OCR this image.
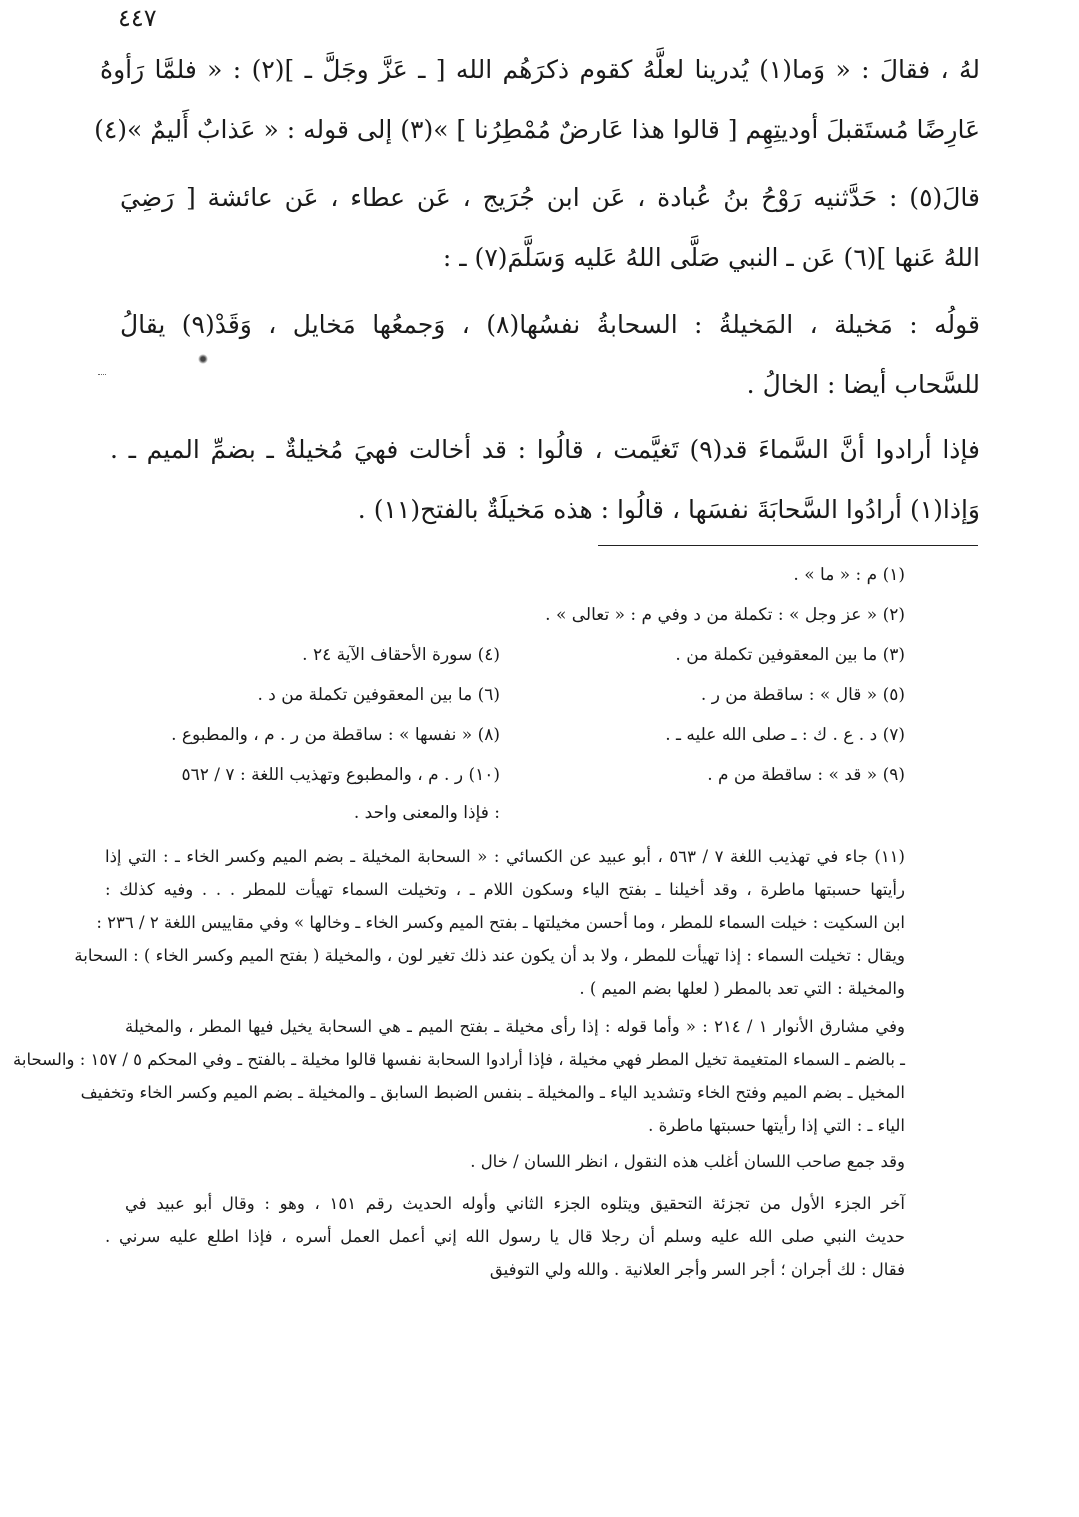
٤٤٧
لهُ ، فقالَ : « وَما(١) يُدرينا لعلَّهُ كقوم ذكرَهُم الله [ ـ عَزَّ وجَلَّ ـ ](٢) : « فلمَّا رَأوهُ
عَارِضًا مُستَقبلَ أوديتِهِم [ قالوا هذا عَارضٌ مُمْطِرُنا ] »(٣) إلى قوله : « عَذابٌ أَليمٌ »(٤)
قالَ(٥) : حَدَّثنيه رَوْحُ بنُ عُبادة ، عَن ابن جُرَيج ، عَن عطاء ، عَن عائشة [ رَضِيَ
اللهُ عَنها ](٦) عَن ـ النبي صَلَّى اللهُ عَليه وَسَلَّمَ(٧) ـ :
قولُه : مَخيلة ، المَخيلةُ : السحابةُ نفسُها(٨) ، وَجمعُها مَخايل ، وَقَدْ(٩) يقالُ
للسَّحاب أيضا : الخالُ .
فإذا أرادوا أنَّ السَّماءَ قد(٩) تَغيَّمت ، قالُوا : قد أخالت فهيَ مُخيلةٌ ـ بضمِّ الميم ـ .
وَإذا(١) أرادُوا السَّحابَةَ نفسَها ، قالُوا : هذه مَخيلَةٌ بالفتح(١١) .
(١) م : « ما » .
(٢) « عز وجل » : تكملة من د وفي م : « تعالى » .
(٣) ما بين المعقوفين تكملة من .
(٤) سورة الأحقاف الآية ٢٤ .
(٥) « قال » : ساقطة من ر .
(٦) ما بين المعقوفين تكملة من د .
(٧) د . ع . ك : ـ صلى الله عليه ـ .
(٨) « نفسها » : ساقطة من ر . م ، والمطبوع .
(٩) « قد » : ساقطة من م .
(١٠) ر . م ، والمطبوع وتهذيب اللغة : ٧ / ٥٦٢
: فإذا والمعنى واحد .
(١١) جاء في تهذيب اللغة ٧ / ٥٦٣ ، أبو عبيد عن الكسائي : « السحابة المخيلة ـ بضم الميم وكسر الخاء ـ : التي إذا
رأيتها حسبتها ماطرة ، وقد أخيلنا ـ بفتح الياء وسكون اللام ـ ، وتخيلت السماء تهيأت للمطر . . . وفيه كذلك :
ابن السكيت : خيلت السماء للمطر ، وما أحسن مخيلتها ـ بفتح الميم وكسر الخاء ـ وخالها » وفي مقاييس اللغة ٢ / ٢٣٦ :
ويقال : تخيلت السماء : إذا تهيأت للمطر ، ولا بد أن يكون عند ذلك تغير لون ، والمخيلة ( بفتح الميم وكسر الخاء ) : السحابة
والمخيلة : التي تعد بالمطر ( لعلها بضم الميم ) .
وفي مشارق الأنوار ١ / ٢١٤ : « وأما قوله : إذا رأى مخيلة ـ بفتح الميم ـ هي السحابة يخيل فيها المطر ، والمخيلة
ـ بالضم ـ السماء المتغيمة تخيل المطر فهي مخيلة ، فإذا أرادوا السحابة نفسها قالوا مخيلة ـ بالفتح ـ وفي المحكم ٥ / ١٥٧ : والسحابة
المخيل ـ بضم الميم وفتح الخاء وتشديد الياء ـ والمخيلة ـ بنفس الضبط السابق ـ والمخيلة ـ بضم الميم وكسر الخاء وتخفيف
الياء ـ : التي إذا رأيتها حسبتها ماطرة .
وقد جمع صاحب اللسان أغلب هذه النقول ، انظر اللسان / خال .
آخر الجزء الأول من تجزئة التحقيق ويتلوه الجزء الثاني وأوله الحديث رقم ١٥١ ، وهو : وقال أبو عبيد في
حديث النبي صلى الله عليه وسلم أن رجلا قال يا رسول الله إني أعمل العمل أسره ، فإذا اطلع عليه سرني .
فقال : لك أجران ؛ أجر السر وأجر العلانية . والله ولي التوفيق
